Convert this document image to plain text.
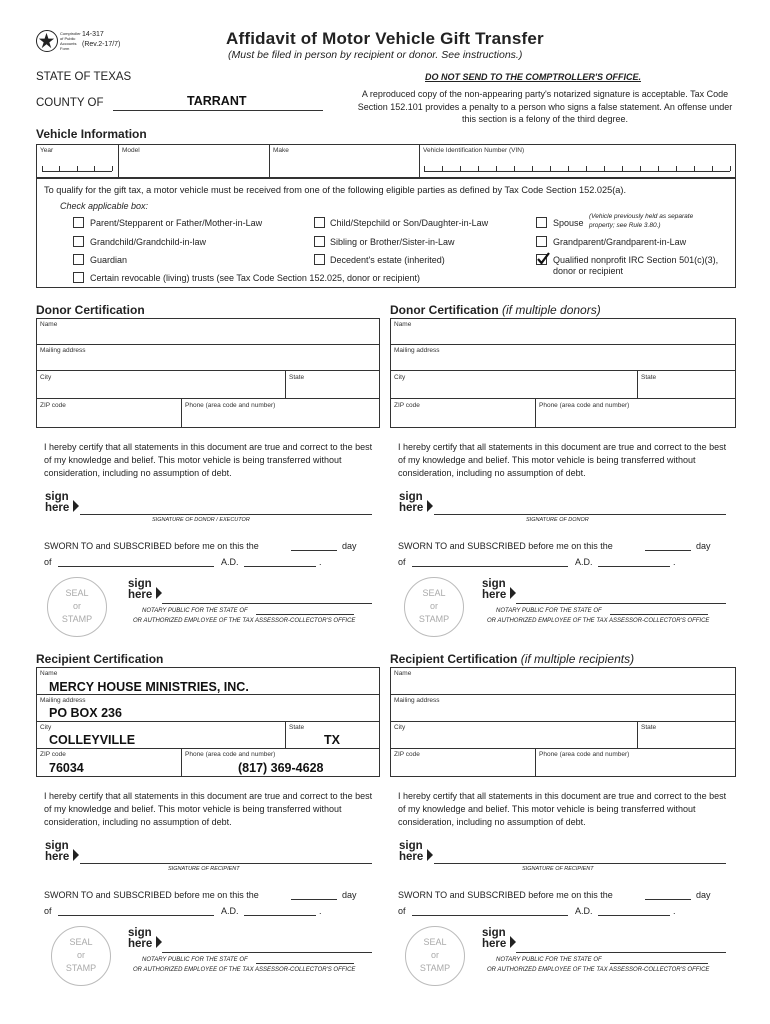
Comptroller of Public Accounts Form
14-317
(Rev.2-17/7)	Affidavit of Motor Vehicle Gift Transfer
(Must be filed in person by recipient or donor. See instructions.)
STATE OF TEXAS
COUNTY OF	TARRANT
DO NOT SEND TO THE COMPTROLLER'S OFFICE.
A reproduced copy of the non-appearing party's notarized signature is acceptable. Tax Code Section 152.101 provides a penalty to a person who signs a false statement. An offense under this section is a felony of the third degree.
Vehicle Information
Year	Model	Make	Vehicle Identification Number (VIN)
To qualify for the gift tax, a motor vehicle must be received from one of the following eligible parties as defined by Tax Code Section 152.025(a).
Check applicable box:
Parent/Stepparent or Father/Mother-in-Law	Child/Stepchild or Son/Daughter-in-Law	Spouse
(Vehicle previously held as separate property; see Rule 3.80.)
Grandchild/Grandchild-in-law	Sibling or Brother/Sister-in-Law	Grandparent/Grandparent-in-Law
Guardian	Decedent's estate (inherited)	Qualified nonprofit IRC Section 501(c)(3), donor or recipient
Certain revocable (living) trusts (see Tax Code Section 152.025, donor or recipient)
Donor Certification
Name
Mailing address
City	State
ZIP code	Phone (area code and number)
I hereby certify that all statements in this document are true and correct to the best of my knowledge and belief. This motor vehicle is being transferred without consideration, including no assumption of debt.
sign
here
SIGNATURE OF DONOR / EXECUTOR
SWORN TO and SUBSCRIBED before me on this the	day
of	A.D.	.
SEAL
or
STAMP
sign
here
NOTARY PUBLIC FOR THE STATE OF
OR AUTHORIZED EMPLOYEE OF THE TAX ASSESSOR-COLLECTOR'S OFFICE
Donor Certification (if multiple donors)
Name
Mailing address
City	State
ZIP code	Phone (area code and number)
I hereby certify that all statements in this document are true and correct to the best of my knowledge and belief. This motor vehicle is being transferred without consideration, including no assumption of debt.
sign
here
SIGNATURE OF DONOR
SWORN TO and SUBSCRIBED before me on this the	day
of	A.D.	.
SEAL
or
STAMP
sign
here
NOTARY PUBLIC FOR THE STATE OF
OR AUTHORIZED EMPLOYEE OF THE TAX ASSESSOR-COLLECTOR'S OFFICE
Recipient Certification
Name
MERCY HOUSE MINISTRIES, INC.
Mailing address
PO BOX 236
City
COLLEYVILLE
State
TX
ZIP code
76034
Phone (area code and number)
(817) 369-4628
I hereby certify that all statements in this document are true and correct to the best of my knowledge and belief. This motor vehicle is being transferred without consideration, including no assumption of debt.
sign
here
SIGNATURE OF RECIPIENT
SWORN TO and SUBSCRIBED before me on this the	day
of	A.D.	.
SEAL
or
STAMP
sign
here
NOTARY PUBLIC FOR THE STATE OF
OR AUTHORIZED EMPLOYEE OF THE TAX ASSESSOR-COLLECTOR'S OFFICE
Recipient Certification (if multiple recipients)
Name
Mailing address
City	State
ZIP code	Phone (area code and number)
I hereby certify that all statements in this document are true and correct to the best of my knowledge and belief. This motor vehicle is being transferred without consideration, including no assumption of debt.
sign
here
SIGNATURE OF RECIPIENT
SWORN TO and SUBSCRIBED before me on this the	day
of	A.D.	.
SEAL
or
STAMP
sign
here
NOTARY PUBLIC FOR THE STATE OF
OR AUTHORIZED EMPLOYEE OF THE TAX ASSESSOR-COLLECTOR'S OFFICE
